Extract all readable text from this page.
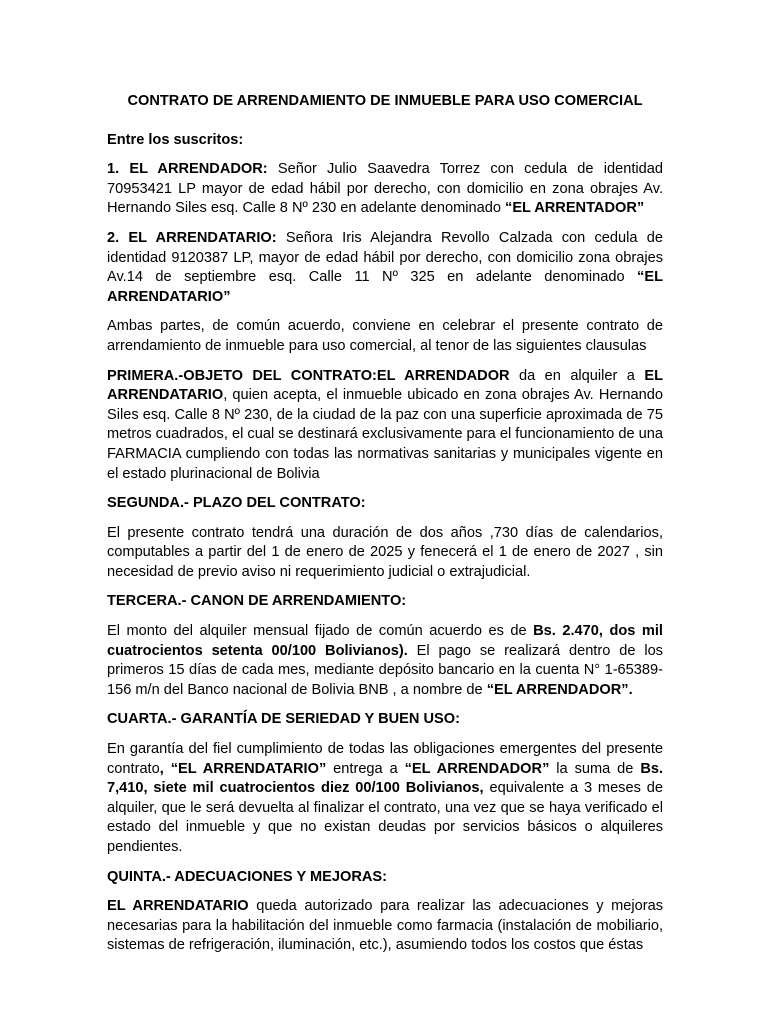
CONTRATO DE ARRENDAMIENTO DE INMUEBLE PARA USO COMERCIAL
Entre los suscritos:

1. EL ARRENDADOR: Señor Julio Saavedra Torrez con cedula de identidad 70953421 LP mayor de edad hábil por derecho, con domicilio en zona obrajes Av. Hernando Siles esq. Calle 8 Nº 230 en adelante denominado “EL ARRENTADOR”

2. EL ARRENDATARIO: Señora Iris Alejandra Revollo Calzada con cedula de identidad 9120387 LP, mayor de edad hábil por derecho, con domicilio zona obrajes Av.14 de septiembre esq. Calle 11 Nº 325 en adelante denominado “EL ARRENDATARIO”

Ambas partes, de común acuerdo, conviene en celebrar el presente contrato de arrendamiento de inmueble para uso comercial, al tenor de las siguientes clausulas

PRIMERA.-OBJETO DEL CONTRATO:EL ARRENDADOR da en alquiler a EL ARRENDATARIO, quien acepta, el inmueble ubicado en zona obrajes Av. Hernando Siles esq. Calle 8 Nº 230, de la ciudad de la paz con una superficie aproximada de 75 metros cuadrados, el cual se destinará exclusivamente para el funcionamiento de una FARMACIA cumpliendo con todas las normativas sanitarias y municipales vigente en el estado plurinacional de Bolivia

SEGUNDA.- PLAZO DEL CONTRATO:

El presente contrato tendrá una duración de dos años ,730 días de calendarios, computables a partir del 1 de enero de 2025 y fenecerá el 1 de enero de 2027 , sin necesidad de previo aviso ni requerimiento judicial o extrajudicial.

TERCERA.- CANON DE ARRENDAMIENTO:

El monto del alquiler mensual fijado de común acuerdo es de Bs. 2.470, dos mil cuatrocientos setenta 00/100 Bolivianos). El pago se realizará dentro de los primeros 15 días de cada mes, mediante depósito bancario en la cuenta N° 1-65389-156 m/n del Banco nacional de Bolivia BNB , a nombre de “EL ARRENDADOR”.

CUARTA.- GARANTÍA DE SERIEDAD Y BUEN USO:

En garantía del fiel cumplimiento de todas las obligaciones emergentes del presente contrato, “EL ARRENDATARIO” entrega a “EL ARRENDADOR” la suma de Bs. 7,410, siete mil cuatrocientos diez 00/100 Bolivianos, equivalente a 3 meses de alquiler, que le será devuelta al finalizar el contrato, una vez que se haya verificado el estado del inmueble y que no existan deudas por servicios básicos o alquileres pendientes.

QUINTA.- ADECUACIONES Y MEJORAS:

EL ARRENDATARIO queda autorizado para realizar las adecuaciones y mejoras necesarias para la habilitación del inmueble como farmacia (instalación de mobiliario, sistemas de refrigeración, iluminación, etc.), asumiendo todos los costos que éstas
